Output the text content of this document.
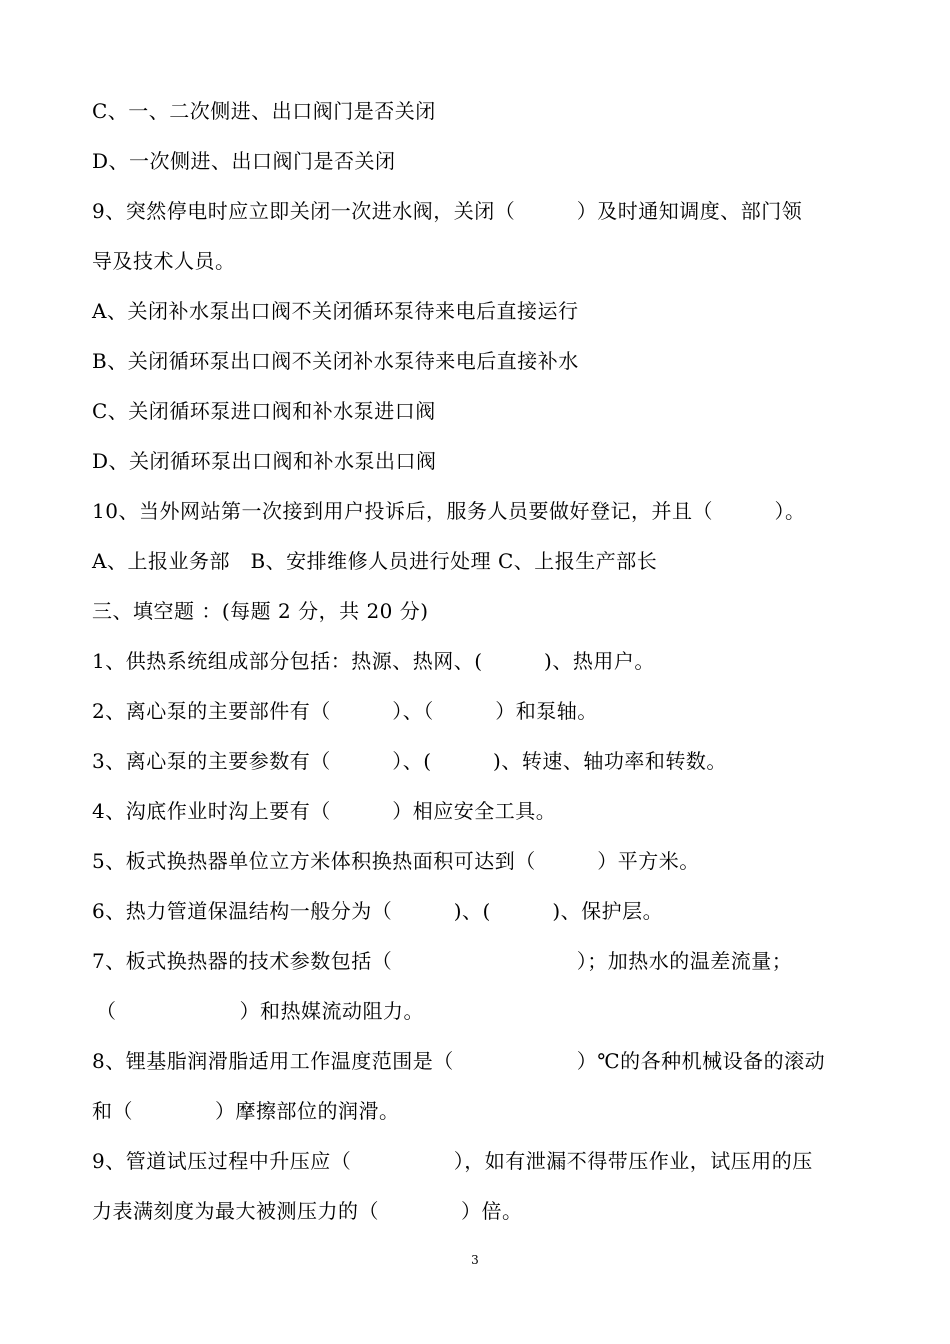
C、一、二次侧进、出口阀门是否关闭
D、一次侧进、出口阀门是否关闭
9、突然停电时应立即关闭一次进水阀，关闭（　　　）及时通知调度、部门领
导及技术人员。
A、关闭补水泵出口阀不关闭循环泵待来电后直接运行
B、关闭循环泵出口阀不关闭补水泵待来电后直接补水
C、关闭循环泵进口阀和补水泵进口阀
D、关闭循环泵出口阀和补水泵出口阀
10、当外网站第一次接到用户投诉后，服务人员要做好登记，并且（　　　）。
A、上报业务部　B、安排维修人员进行处理 C、上报生产部长
三、填空题 ：(每题 2 分，共 20 分)
1、供热系统组成部分包括：热源、热网、(　　　)、热用户。
2、离心泵的主要部件有（　　　）、（　　　）和泵轴。
3、离心泵的主要参数有（　　　）、(　　　)、转速、轴功率和转数。
4、沟底作业时沟上要有（　　　）相应安全工具。
5、板式换热器单位立方米体积换热面积可达到（　　　）平方米。
6、热力管道保温结构一般分为（　　　)、(　　　)、保护层。
7、板式换热器的技术参数包括（　　　　　　　　　）；加热水的温差流量；
（　　　　　　）和热媒流动阻力。
8、锂基脂润滑脂适用工作温度范围是（　　　　　　）℃的各种机械设备的滚动
和（　　　　）摩擦部位的润滑。
9、管道试压过程中升压应（　　　　　），如有泄漏不得带压作业，试压用的压
力表满刻度为最大被测压力的（　　　　）倍。
3
